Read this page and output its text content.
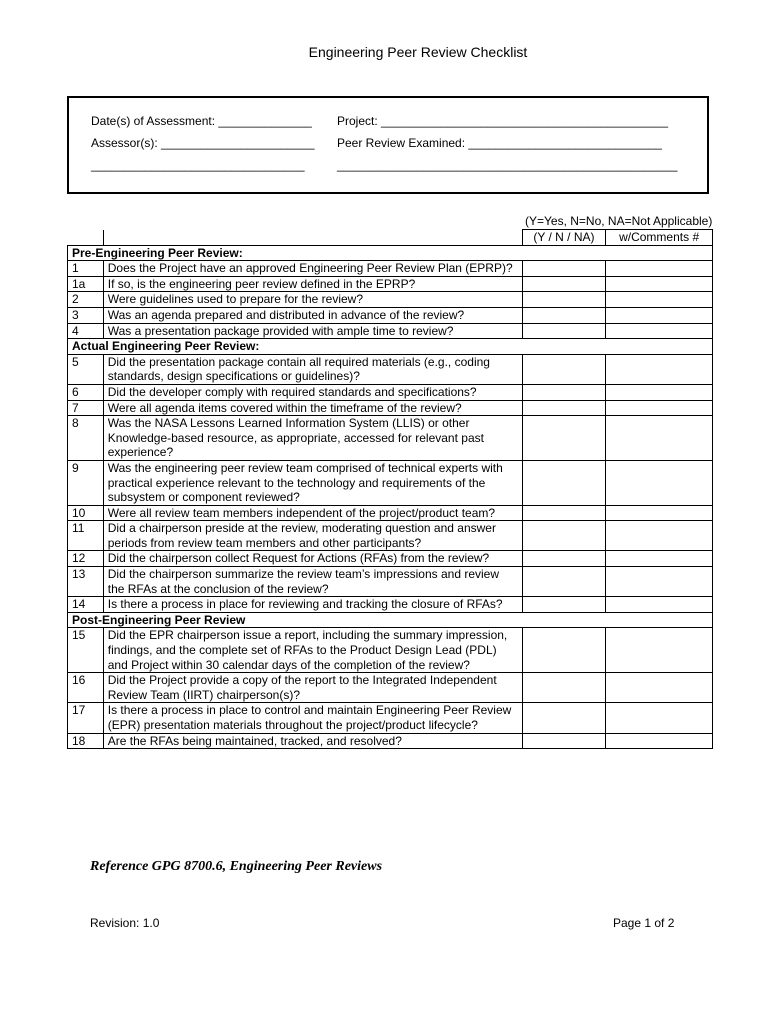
Engineering Peer Review Checklist
Date(s) of Assessment: ______________ Project: ___________________________________________
Assessor(s): _______________________ Peer Review Examined: _____________________________
________________________________	___________________________________________________
(Y=Yes, N=No, NA=Not Applicable)
		(Y / N / NA)	w/Comments #
Pre-Engineering Peer Review:			
1	Does the Project have an approved Engineering Peer Review Plan (EPRP)?		
1a	If so, is the engineering peer review defined in the EPRP?		
2	Were guidelines used to prepare for the review?		
3	Was an agenda prepared and distributed in advance of the review?		
4	Was a presentation package provided with ample time to review?		
Actual Engineering Peer Review:			
5	Did the presentation package contain all required materials (e.g., coding standards, design specifications or guidelines)?		
6	Did the developer comply with required standards and specifications?		
7	Were all agenda items covered within the timeframe of the review?		
8	Was the NASA Lessons Learned Information System (LLIS) or other Knowledge-based resource, as appropriate, accessed for relevant past experience?		
9	Was the engineering peer review team comprised of technical experts with practical experience relevant to the technology and requirements of the subsystem or component reviewed?		
10	Were all review team members independent of the project/product team?		
11	Did a chairperson preside at the review, moderating question and answer periods from review team members and other participants?		
12	Did the chairperson collect Request for Actions (RFAs) from the review?		
13	Did the chairperson summarize the review team’s impressions and review the RFAs at the conclusion of the review?		
14	Is there a process in place for reviewing and tracking the closure of RFAs?		
Post-Engineering Peer Review			
15	Did the EPR chairperson issue a report, including the summary impression, findings, and the complete set of RFAs to the Product Design Lead (PDL) and Project within 30 calendar days of the completion of the review?		
16	Did the Project provide a copy of the report to the Integrated Independent Review Team (IIRT) chairperson(s)?		
17	Is there a process in place to control and maintain Engineering Peer Review (EPR) presentation materials throughout the project/product lifecycle?		
18	Are the RFAs being maintained, tracked, and resolved?		
Reference GPG 8700.6, Engineering Peer Reviews
Revision: 1.0	Page 1 of 2
